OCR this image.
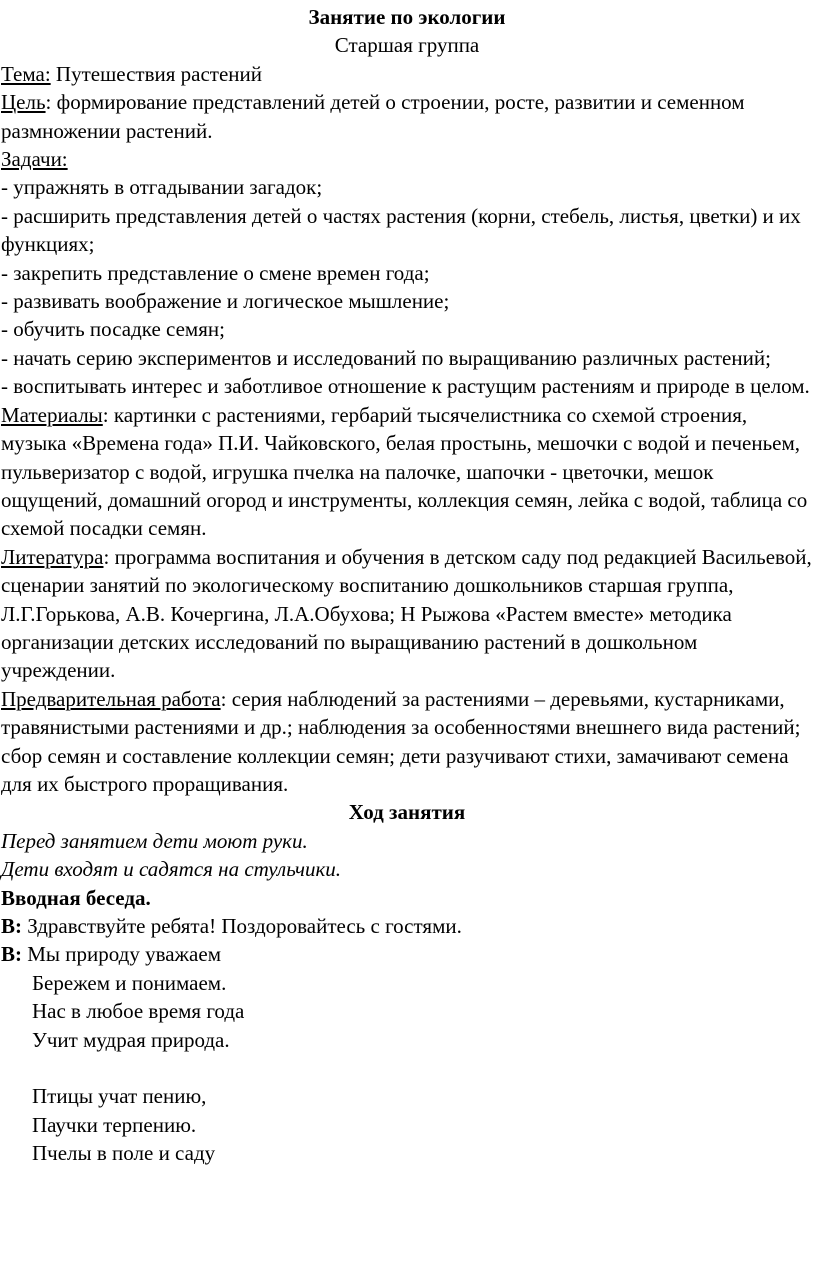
Занятие по экологии

Старшая группа

Тема: Путешествия растений

Цель: формирование представлений детей о строении, росте, развитии и семенном размножении растений.

Задачи:

- упражнять в отгадывании загадок;

- расширить представления детей о частях растения (корни, стебель, листья, цветки) и их функциях;

- закрепить представление о смене времен года;

- развивать воображение и логическое мышление;

- обучить посадке семян;

- начать серию экспериментов и исследований по выращиванию различных растений;

- воспитывать интерес и заботливое отношение к растущим растениям и природе в целом.

Материалы: картинки с растениями, гербарий тысячелистника со схемой строения, музыка «Времена года» П.И. Чайковского, белая простынь, мешочки с водой и печеньем, пульверизатор с водой, игрушка пчелка на палочке, шапочки - цветочки, мешок ощущений, домашний огород и инструменты, коллекция семян, лейка с водой, таблица со схемой посадки семян.

Литература: программа воспитания и обучения в детском саду под редакцией Васильевой, сценарии занятий по экологическому воспитанию дошкольников старшая группа, Л.Г.Горькова, А.В. Кочергина, Л.А.Обухова; Н Рыжова «Растем вместе» методика организации детских исследований по выращиванию растений в дошкольном учреждении.

Предварительная работа: серия наблюдений за растениями – деревьями, кустарниками, травянистыми растениями и др.; наблюдения за особенностями внешнего вида растений; сбор семян и составление коллекции семян; дети разучивают стихи, замачивают семена для их быстрого проращивания.

Ход занятия

Перед занятием дети моют руки.

Дети входят и садятся на стульчики.

Вводная беседа.

В: Здравствуйте ребята! Поздоровайтесь с гостями.

В: Мы природу уважаем

Бережем и понимаем.

Нас в любое время года

Учит мудрая природа.

Птицы учат пению,

Паучки терпению.

Пчелы в поле и саду
